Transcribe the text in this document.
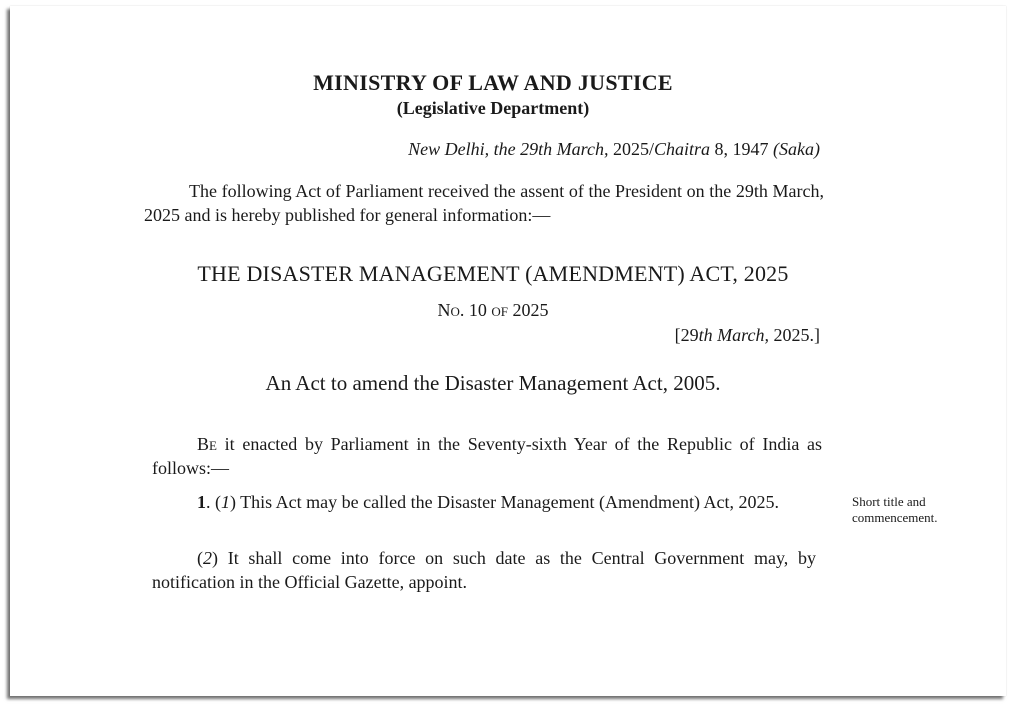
MINISTRY OF LAW AND JUSTICE
(Legislative Department)
New Delhi, the 29th March, 2025/Chaitra 8, 1947 (Saka)
The following Act of Parliament received the assent of the President on the 29th March, 2025 and is hereby published for general information:—
THE DISASTER MANAGEMENT (AMENDMENT) ACT, 2025
No. 10 of 2025
[29th March, 2025.]
An Act to amend the Disaster Management Act, 2005.
Be it enacted by Parliament in the Seventy-sixth Year of the Republic of India as follows:—
1. (1) This Act may be called the Disaster Management (Amendment) Act, 2025.
(2) It shall come into force on such date as the Central Government may, by notification in the Official Gazette, appoint.
Short title and
commencement.
